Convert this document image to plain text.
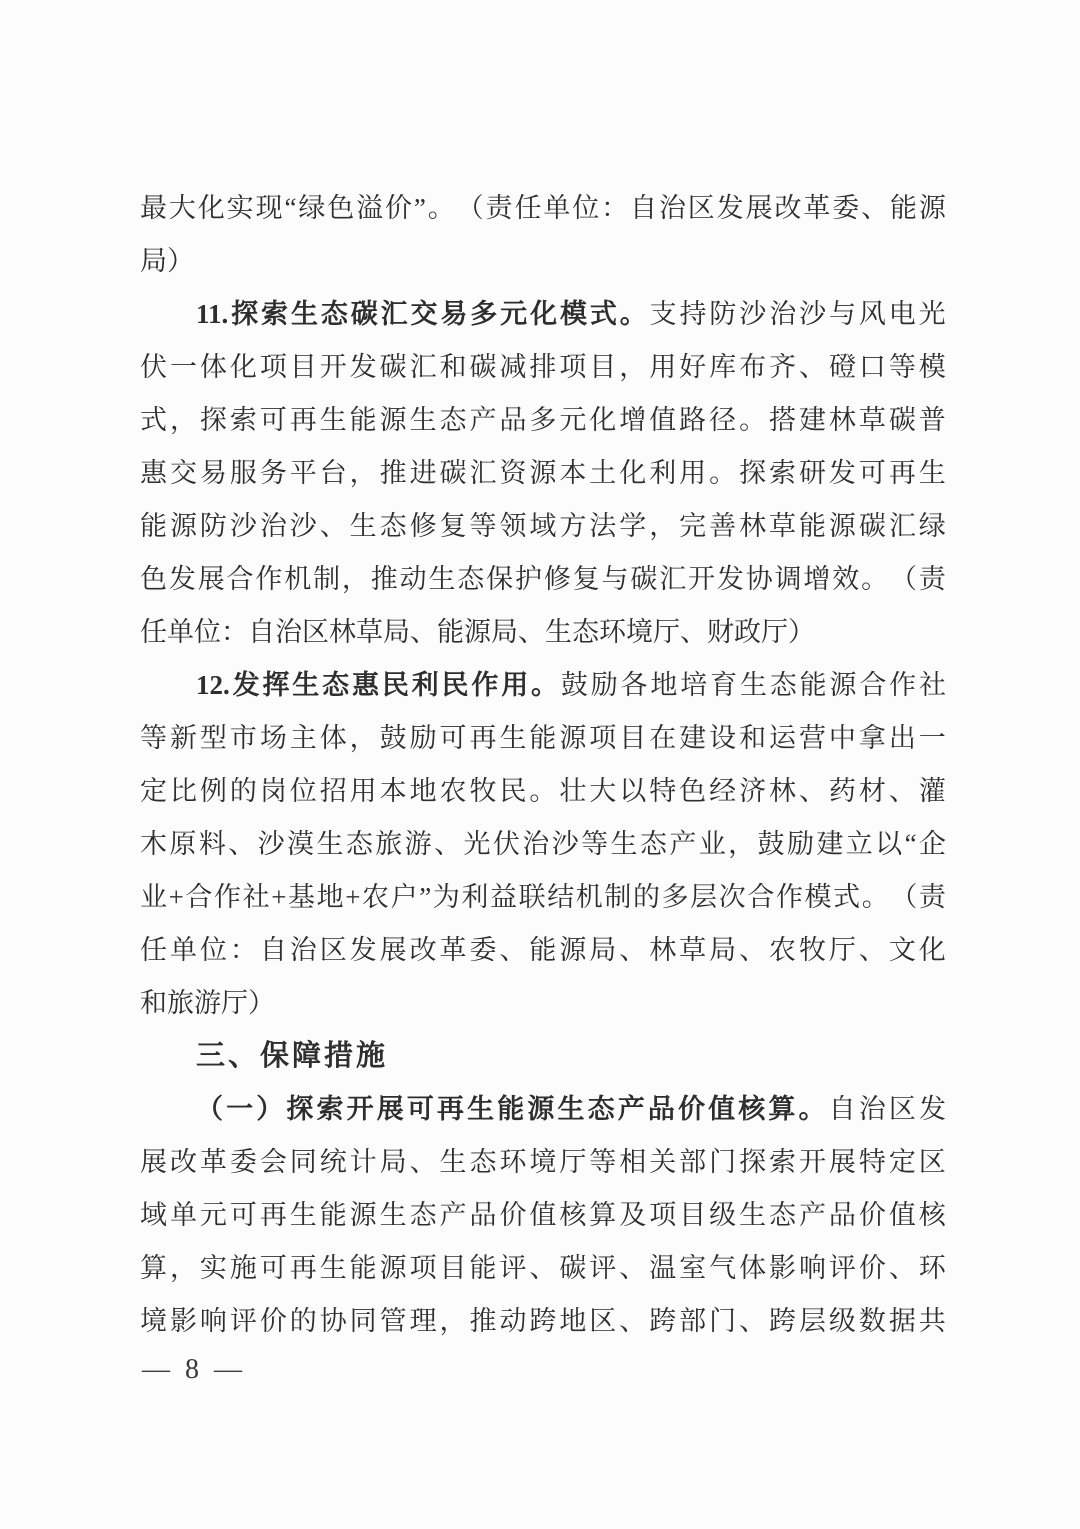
最 大 化 实 现 “ 绿 色 溢 价 ” 。 （ 责 任 单 位 ： 自 治 区 发 展 改 革 委 、 能 源
局）
11. 探 索 生 态 碳 汇 交 易 多 元 化 模 式 。 支 持 防 沙 治 沙 与 风 电 光
伏 一 体 化 项 目 开 发 碳 汇 和 碳 减 排 项 目 ， 用 好 库 布 齐 、 磴 口 等 模
式 ， 探 索 可 再 生 能 源 生 态 产 品 多 元 化 增 值 路 径 。 搭 建 林 草 碳 普
惠 交 易 服 务 平 台 ， 推 进 碳 汇 资 源 本 土 化 利 用 。 探 索 研 发 可 再 生
能 源 防 沙 治 沙 、 生 态 修 复 等 领 域 方 法 学 ， 完 善 林 草 能 源 碳 汇 绿
色 发 展 合 作 机 制 ， 推 动 生 态 保 护 修 复 与 碳 汇 开 发 协 调 增 效 。 （ 责
任单位：自治区林草局、能源局、生态环境厅、财政厅）
12. 发 挥 生 态 惠 民 利 民 作 用 。 鼓 励 各 地 培 育 生 态 能 源 合 作 社
等 新 型 市 场 主 体 ， 鼓 励 可 再 生 能 源 项 目 在 建 设 和 运 营 中 拿 出 一
定 比 例 的 岗 位 招 用 本 地 农 牧 民 。 壮 大 以 特 色 经 济 林 、 药 材 、 灌
木 原 料 、 沙 漠 生 态 旅 游 、 光 伏 治 沙 等 生 态 产 业 ， 鼓 励 建 立 以 “ 企
业 + 合 作 社 + 基 地 + 农 户 ” 为 利 益 联 结 机 制 的 多 层 次 合 作 模 式 。 （ 责
任 单 位 ： 自 治 区 发 展 改 革 委 、 能 源 局 、 林 草 局 、 农 牧 厅 、 文 化
和旅游厅）
三、保障措施
（ 一 ） 探 索 开 展 可 再 生 能 源 生 态 产 品 价 值 核 算 。 自 治 区 发
展 改 革 委 会 同 统 计 局 、 生 态 环 境 厅 等 相 关 部 门 探 索 开 展 特 定 区
域 单 元 可 再 生 能 源 生 态 产 品 价 值 核 算 及 项 目 级 生 态 产 品 价 值 核
算 ， 实 施 可 再 生 能 源 项 目 能 评 、 碳 评 、 温 室 气 体 影 响 评 价 、 环
境 影 响 评 价 的 协 同 管 理 ， 推 动 跨 地 区 、 跨 部 门 、 跨 层 级 数 据 共
— 8 —
